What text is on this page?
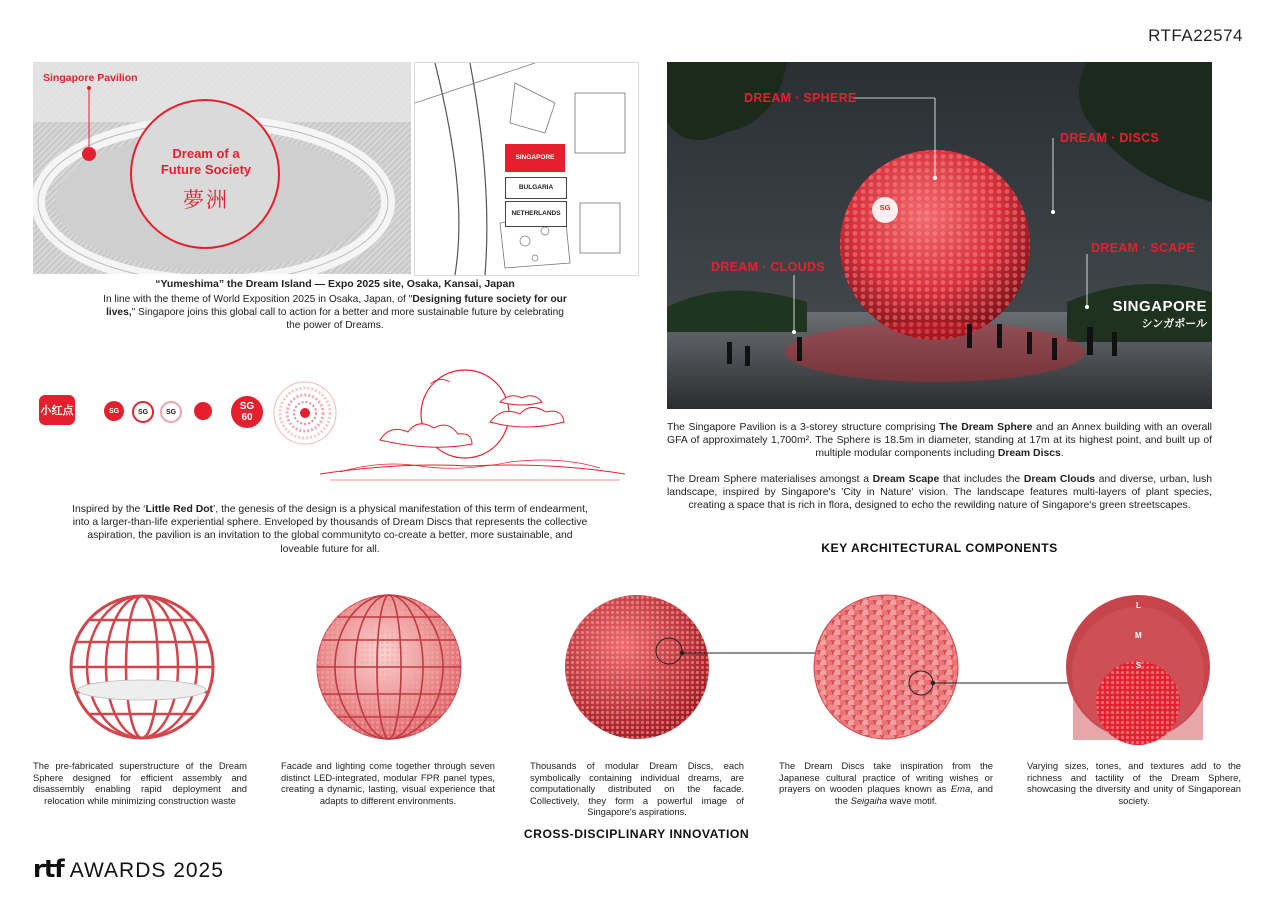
RTFA22574
Singapore Pavilion
Dream of a Future Society
夢洲
SINGAPORE
BULGARIA
NETHERLANDS
“Yumeshima” the Dream Island — Expo 2025 site, Osaka, Kansai, Japan
In line with the theme of World Exposition 2025 in Osaka, Japan, of "Designing future society for our lives," Singapore joins this global call to action for a better and more sustainable future by celebrating the power of Dreams.
小红点	SG	SG	SG	SG
60
Inspired by the ‘Little Red Dot’, the genesis of the design is a physical manifestation of this term of endearment, into a larger-than-life experiential sphere. Enveloped by thousands of Dream Discs that represents the collective aspiration, the pavilion is an invitation to the global communityto co-create a better, more sustainable, and loveable future for all.
SG
DREAM · SPHERE
DREAM · DISCS
DREAM · CLOUDS
DREAM · SCAPE
SINGAPORE
シンガポール
The Singapore Pavilion is a 3-storey structure comprising The Dream Sphere and an Annex building with an overall GFA of approximately 1,700m². The Sphere is 18.5m in diameter, standing at 17m at its highest point, and built up of multiple modular components including Dream Discs.
The Dream Sphere materialises amongst a Dream Scape that includes the Dream Clouds and diverse, urban, lush landscape, inspired by Singapore's 'City in Nature' vision. The landscape features multi-layers of plant species, creating a space that is rich in flora, designed to echo the rewilding nature of Singapore's green streetscapes.
KEY ARCHITECTURAL COMPONENTS
L
M
S
The pre-fabricated superstructure of the Dream Sphere designed for efficient assembly and disassembly enabling rapid deployment and relocation while minimizing construction waste
Facade and lighting come together through seven distinct LED-integrated, modular FPR panel types, creating a dynamic, lasting, visual experience that adapts to different environments.
Thousands of modular Dream Discs, each symbolically containing individual dreams, are computationally distributed on the facade. Collectively, they form a powerful image of Singapore's aspirations.
The Dream Discs take inspiration from the Japanese cultural practice of writing wishes or prayers on wooden plaques known as Ema, and the Seigaiha wave motif.
Varying sizes, tones, and textures add to the richness and tactility of the Dream Sphere, showcasing the diversity and unity of Singaporean society.
CROSS-DISCIPLINARY INNOVATION
rtf AWARDS 2025
